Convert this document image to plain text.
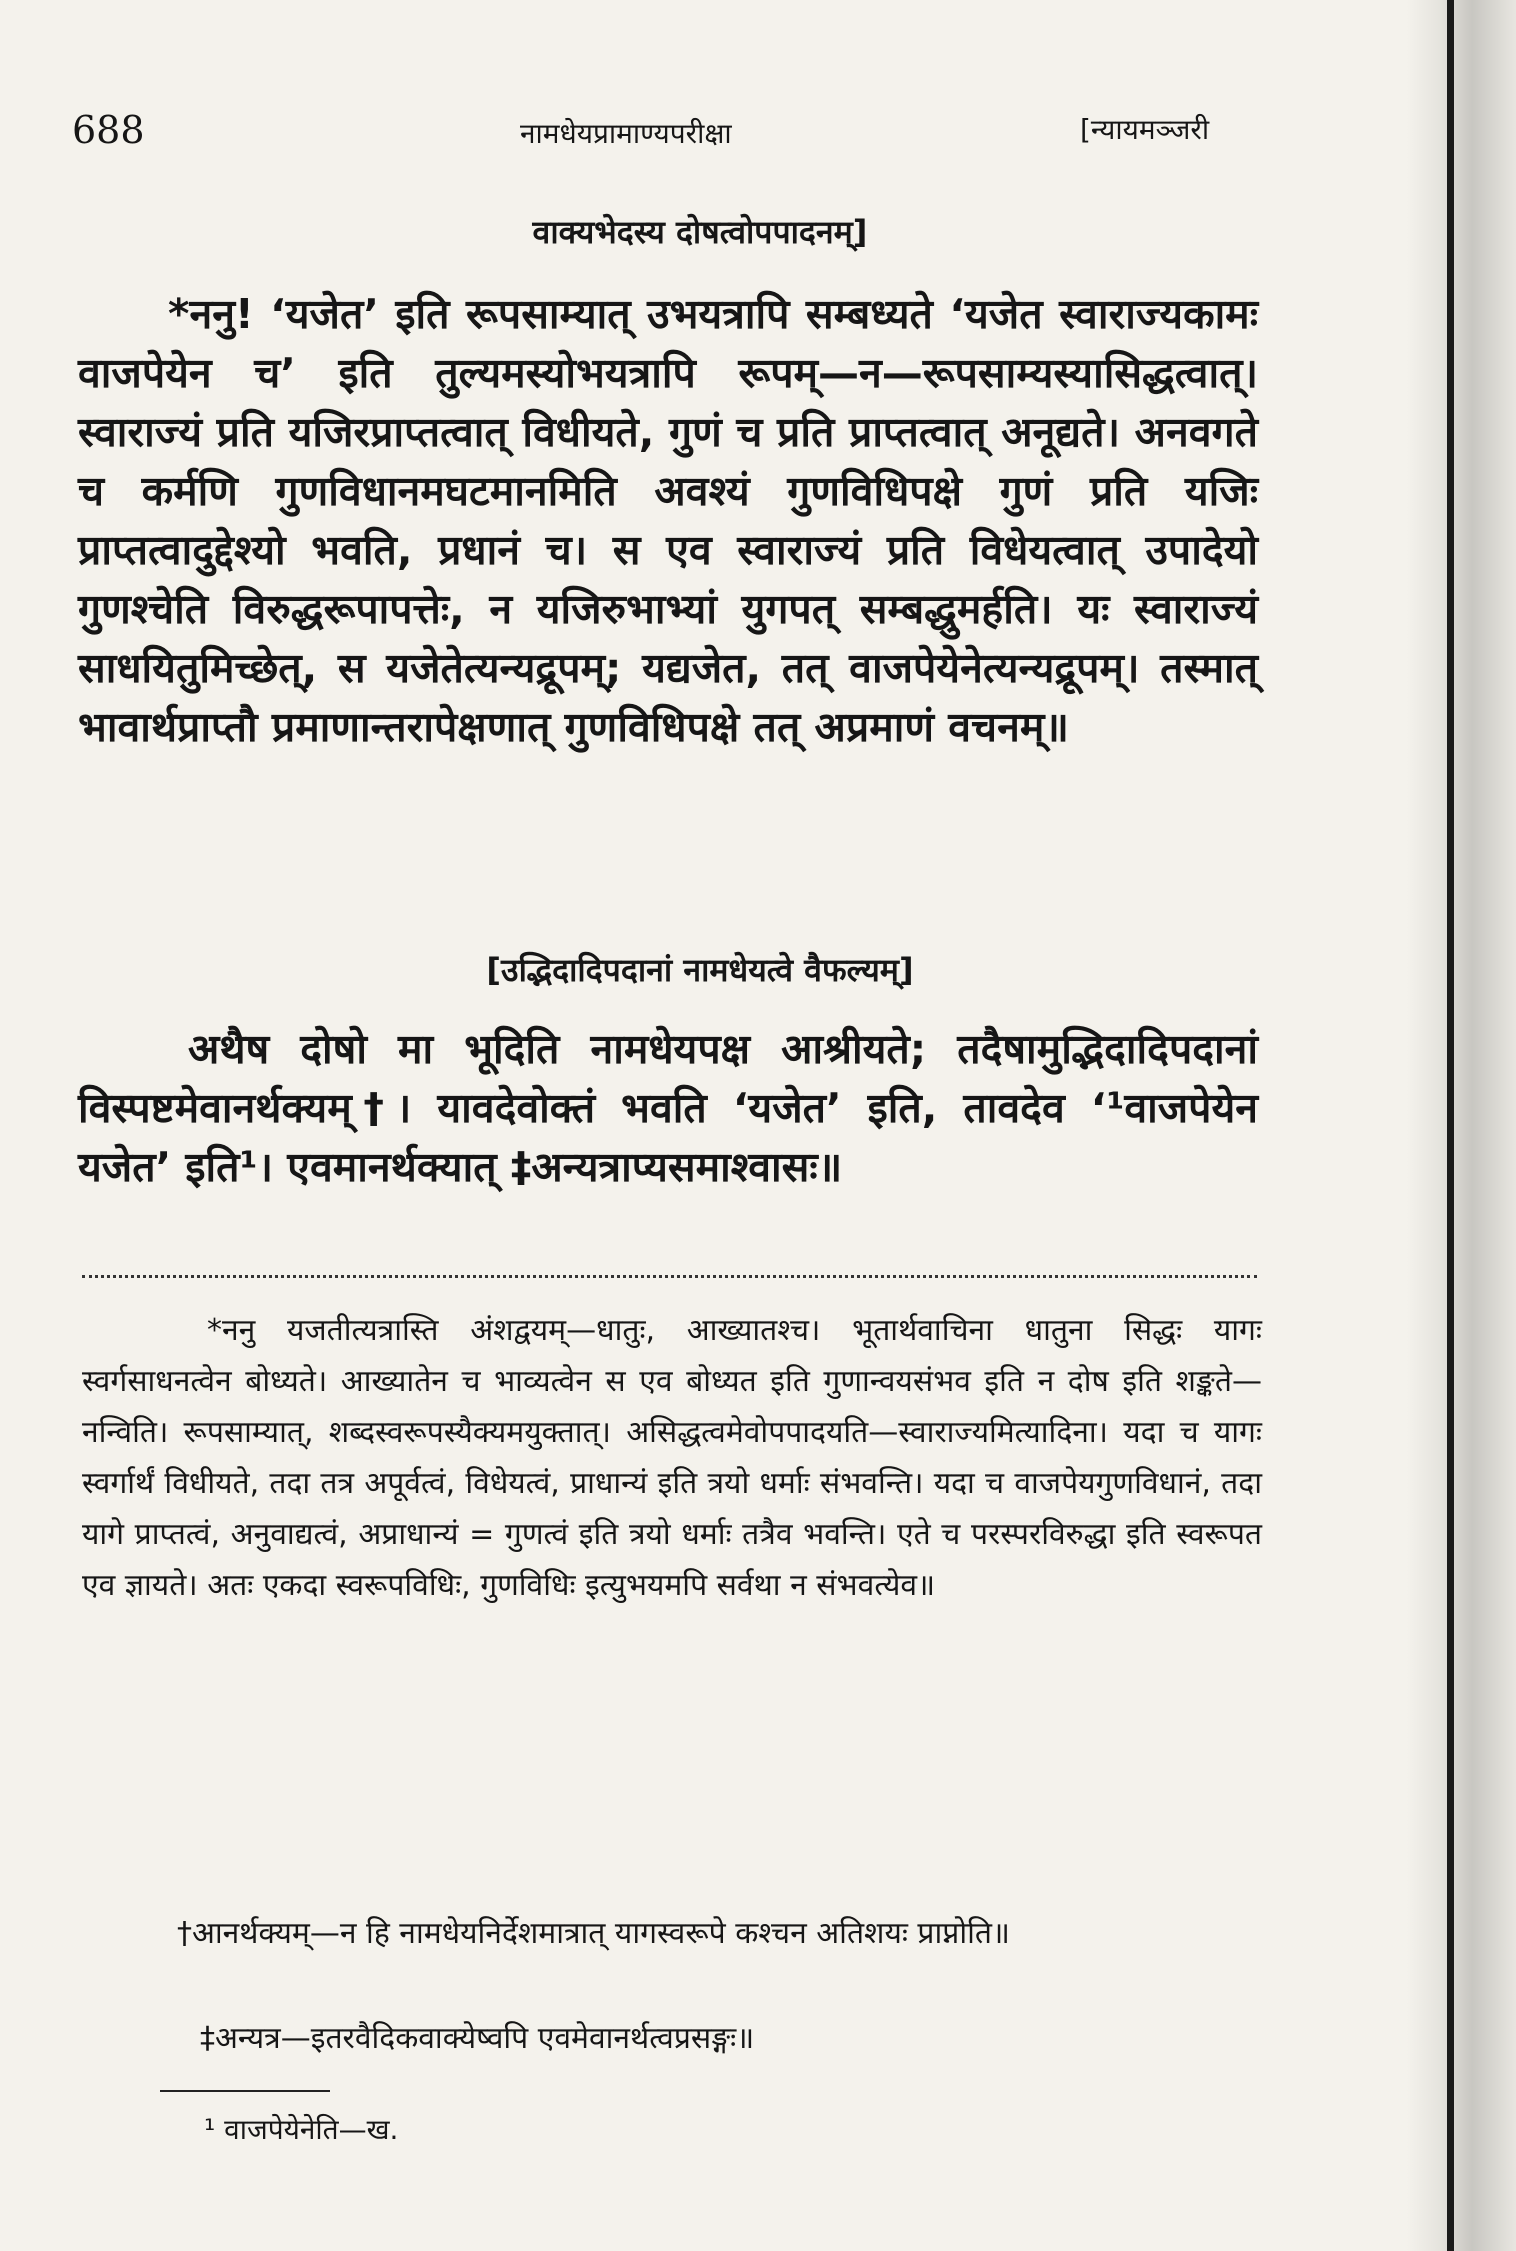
688	नामधेयप्रामाण्यपरीक्षा	[न्यायमञ्जरी
वाक्यभेदस्य दोषत्वोपपादनम्]
*ननु! ‘यजेत’ इति रूपसाम्यात् उभयत्रापि सम्बध्यते ‘यजेत स्वाराज्यकामः वाजपेयेन च’ इति तुल्यमस्योभयत्रापि रूपम्—न—रूपसाम्यस्यासिद्धत्वात्। स्वाराज्यं प्रति यजिरप्राप्तत्वात् विधीयते, गुणं च प्रति प्राप्तत्वात् अनूद्यते। अनवगते च कर्मणि गुणविधानमघटमानमिति अवश्यं गुणविधिपक्षे गुणं प्रति यजिः प्राप्तत्वादुद्देश्यो भवति, प्रधानं च। स एव स्वाराज्यं प्रति विधेयत्वात् उपादेयो गुणश्चेति विरुद्धरूपापत्तेः, न यजिरुभाभ्यां युगपत् सम्बद्धुमर्हति। यः स्वाराज्यं साधयितुमिच्छेत्, स यजेतेत्यन्यद्रूपम्; यद्यजेत, तत् वाजपेयेनेत्यन्यद्रूपम्। तस्मात् भावार्थप्राप्तौ प्रमाणान्तरापेक्षणात् गुणविधिपक्षे तत् अप्रमाणं वचनम्॥
[उद्भिदादिपदानां नामधेयत्वे वैफल्यम्]
अथैष दोषो मा भूदिति नामधेयपक्ष आश्रीयते; तदैषामुद्भिदादिपदानां विस्पष्टमेवानर्थक्यम्†। यावदेवोक्तं भवति ‘यजेत’ इति, तावदेव ‘¹वाजपेयेन यजेत’ इति¹। एवमानर्थक्यात् ‡अन्यत्राप्यसमाश्वासः॥
*ननु यजतीत्यत्रास्ति अंशद्वयम्—धातुः, आख्यातश्च। भूतार्थवाचिना धातुना सिद्धः यागः स्वर्गसाधनत्वेन बोध्यते। आख्यातेन च भाव्यत्वेन स एव बोध्यत इति गुणान्वयसंभव इति न दोष इति शङ्कते—नन्विति। रूपसाम्यात्, शब्दस्वरूपस्यैक्यमयुक्तात्। असिद्धत्वमेवोपपादयति—स्वाराज्यमित्यादिना। यदा च यागः स्वर्गार्थं विधीयते, तदा तत्र अपूर्वत्वं, विधेयत्वं, प्राधान्यं इति त्रयो धर्माः संभवन्ति। यदा च वाजपेयगुणविधानं, तदा यागे प्राप्तत्वं, अनुवाद्यत्वं, अप्राधान्यं = गुणत्वं इति त्रयो धर्माः तत्रैव भवन्ति। एते च परस्परविरुद्धा इति स्वरूपत एव ज्ञायते। अतः एकदा स्वरूपविधिः, गुणविधिः इत्युभयमपि सर्वथा न संभवत्येव॥
†आनर्थक्यम्—न हि नामधेयनिर्देशमात्रात् यागस्वरूपे कश्चन अतिशयः प्राप्नोति॥
‡अन्यत्र—इतरवैदिकवाक्येष्वपि एवमेवानर्थत्वप्रसङ्गः॥
¹ वाजपेयेनेति—ख.
